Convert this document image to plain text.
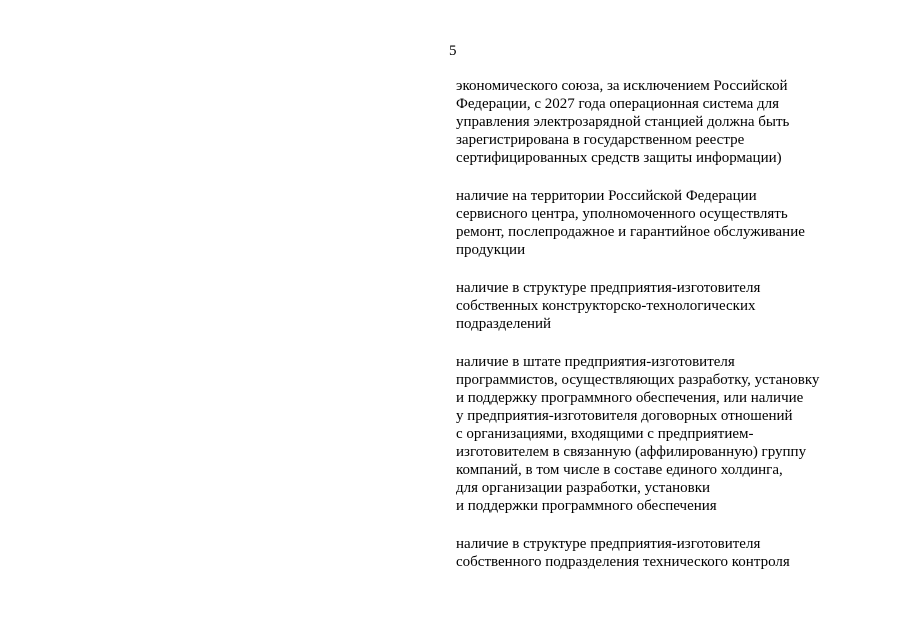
5
экономического союза, за исключением Российской
Федерации, с 2027 года операционная система для
управления электрозарядной станцией должна быть
зарегистрирована в государственном реестре
сертифицированных средств защиты информации)
наличие на территории Российской Федерации
сервисного центра, уполномоченного осуществлять
ремонт, послепродажное и гарантийное обслуживание
продукции
наличие в структуре предприятия-изготовителя
собственных конструкторско-технологических
подразделений
наличие в штате предприятия-изготовителя
программистов, осуществляющих разработку, установку
и поддержку программного обеспечения, или наличие
у предприятия-изготовителя договорных отношений
с организациями, входящими с предприятием-
изготовителем в связанную (аффилированную) группу
компаний, в том числе в составе единого холдинга,
для организации разработки, установки
и поддержки программного обеспечения
наличие в структуре предприятия-изготовителя
собственного подразделения технического контроля
